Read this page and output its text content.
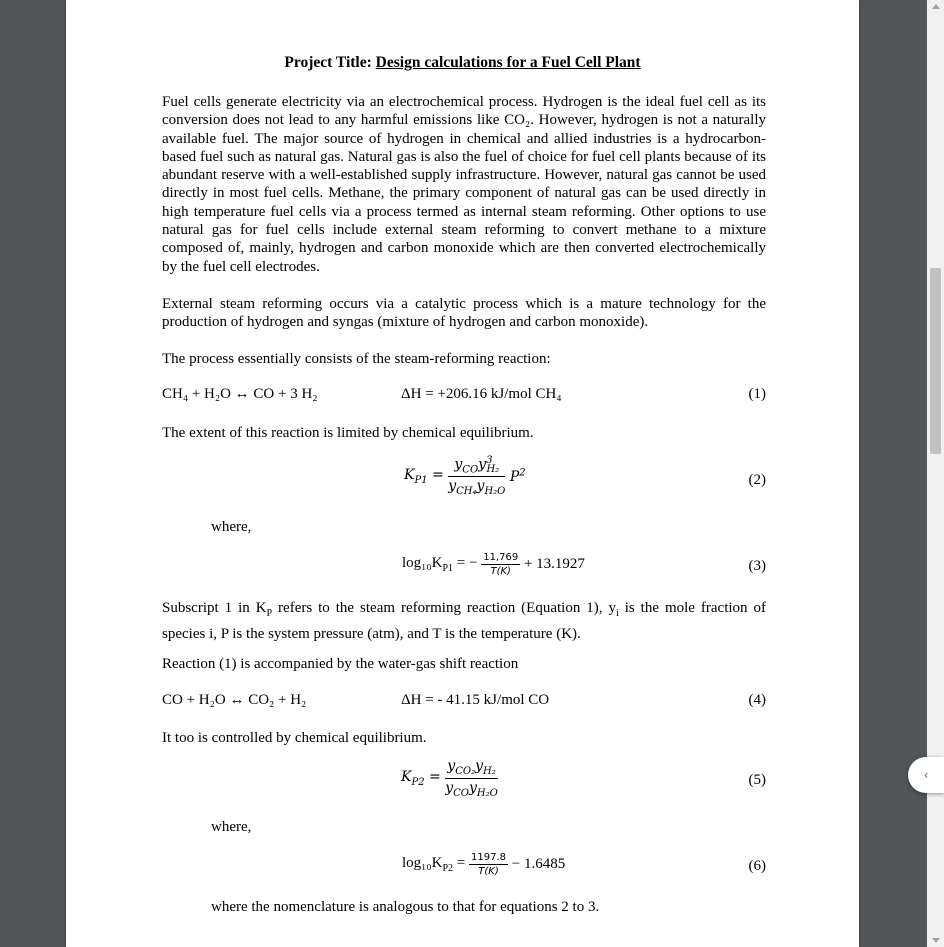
Project Title: Design calculations for a Fuel Cell Plant
Fuel cells generate electricity via an electrochemical process. Hydrogen is the ideal fuel cell as its conversion does not lead to any harmful emissions like CO₂. However, hydrogen is not a naturally available fuel. The major source of hydrogen in chemical and allied industries is a hydrocarbon-based fuel such as natural gas. Natural gas is also the fuel of choice for fuel cell plants because of its abundant reserve with a well-established supply infrastructure. However, natural gas cannot be used directly in most fuel cells. Methane, the primary component of natural gas can be used directly in high temperature fuel cells via a process termed as internal steam reforming. Other options to use natural gas for fuel cells include external steam reforming to convert methane to a mixture composed of, mainly, hydrogen and carbon monoxide which are then converted electrochemically by the fuel cell electrodes.
External steam reforming occurs via a catalytic process which is a mature technology for the production of hydrogen and syngas (mixture of hydrogen and carbon monoxide).
The process essentially consists of the steam-reforming reaction:
CH₄ + H₂O ↔ CO + 3 H₂	ΔH = +206.16 kJ/mol CH₄	(1)
The extent of this reaction is limited by chemical equilibrium.
$K_{P1} = \frac{y_{CO}y^3_{H_2}}{y_{CH_4}y_{H_2O}} P^2$	(2)
where,
$\log_{10}K_{P1}$ = − $\frac{11,769}{T(K)} + 13.1927$	(3)
Subscript 1 in $K_P$ refers to the steam reforming reaction (Equation 1), $y_i$ is the mole fraction of species i, P is the system pressure (atm), and T is the temperature (K).
Reaction (1) is accompanied by the water-gas shift reaction
CO + H₂O ↔ CO₂ + H₂	ΔH = - 41.15 kJ/mol CO	(4)
It too is controlled by chemical equilibrium.
$K_{P2} = \frac{y_{CO_2}y_{H_2}}{y_{CO}y_{H_2O}}$	(5)
where,
$\log_{10}K_{P2} = \frac{1197.8}{T(K)} - 1.6485$	(6)
where the nomenclature is analogous to that for equations 2 to 3.
‹
